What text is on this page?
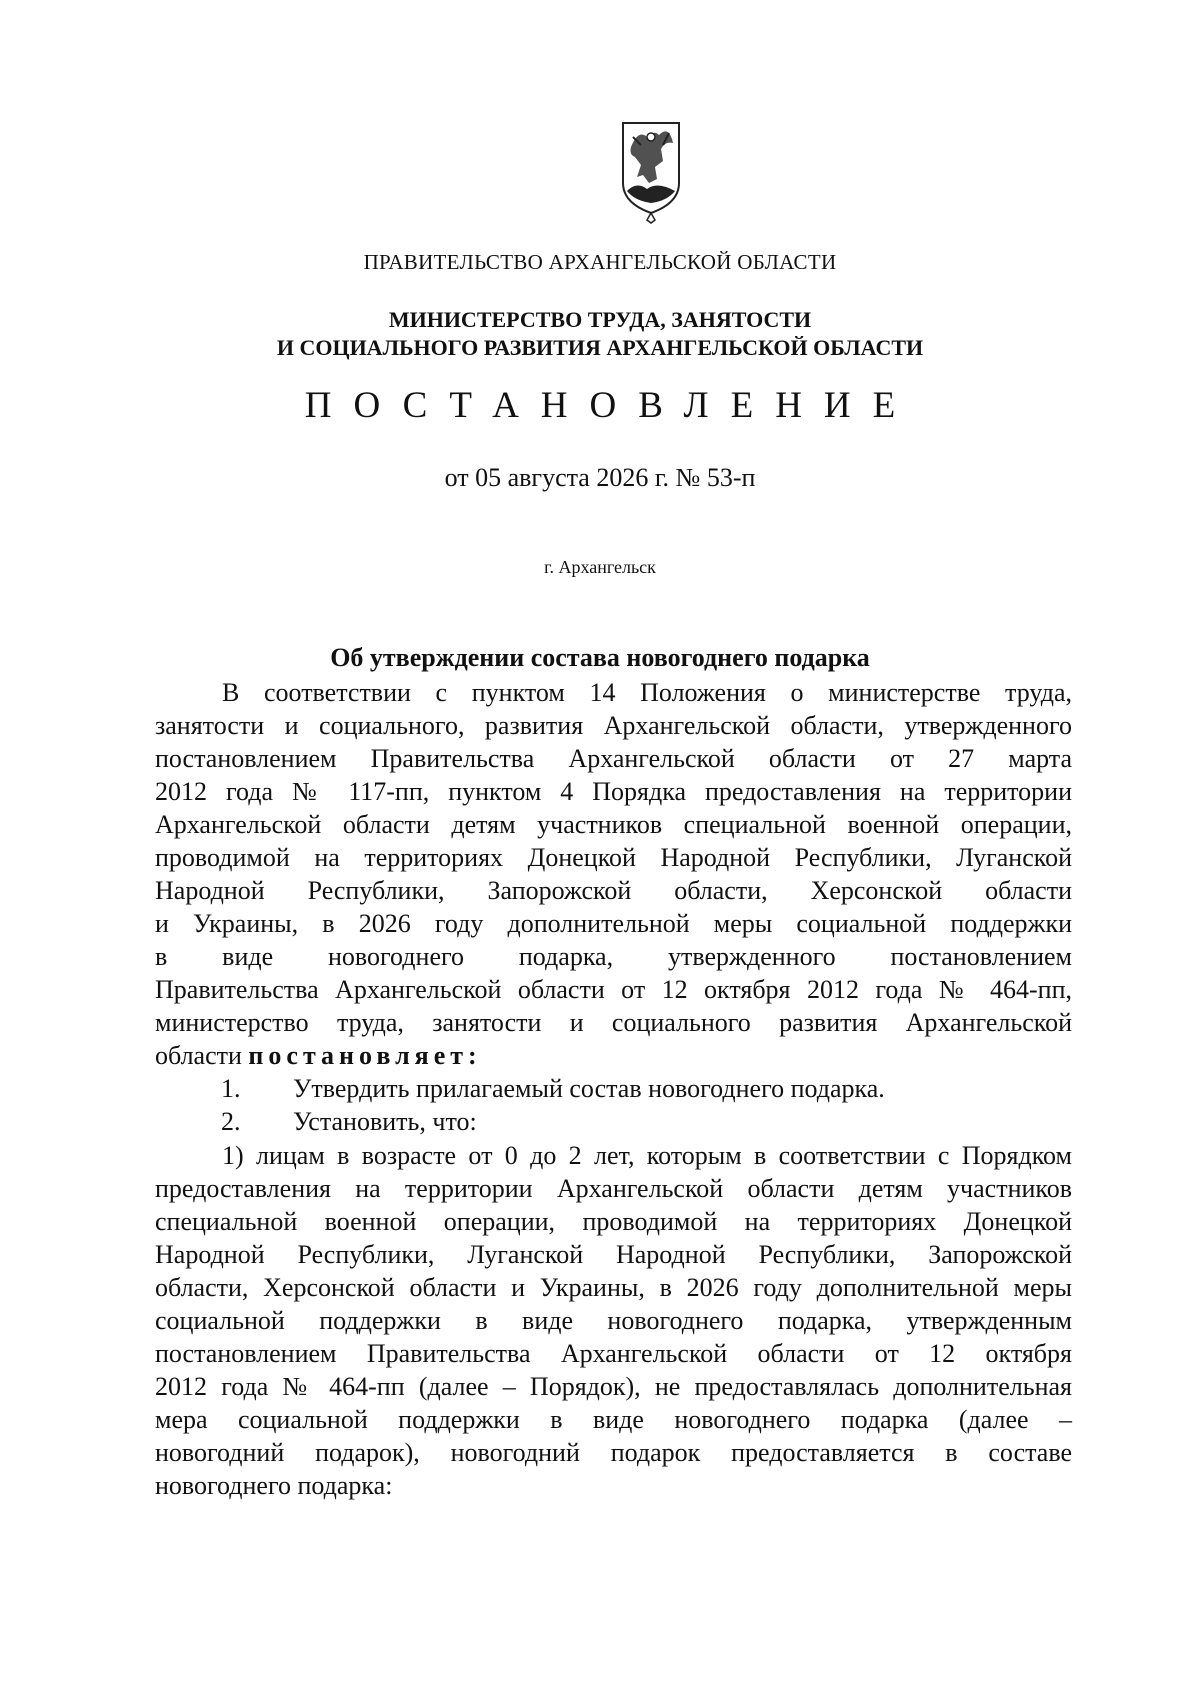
ПРАВИТЕЛЬСТВО АРХАНГЕЛЬСКОЙ ОБЛАСТИ
МИНИСТЕРСТВО ТРУДА, ЗАНЯТОСТИ
И СОЦИАЛЬНОГО РАЗВИТИЯ АРХАНГЕЛЬСКОЙ ОБЛАСТИ
ПОСТАНОВЛЕНИЕ
от 05 августа 2026 г. № 53-п
г. Архангельск
Об утверждении состава новогоднего подарка
В соответствии с пунктом 14 Положения о министерстве труда,
занятости и социального, развития Архангельской области, утвержденного
постановлением Правительства Архангельской области от 27 марта
2012 года № 117-пп, пунктом 4 Порядка предоставления на территории
Архангельской области детям участников специальной военной операции,
проводимой на территориях Донецкой Народной Республики, Луганской
Народной Республики, Запорожской области, Херсонской области
и Украины, в 2026 году дополнительной меры социальной поддержки
в виде новогоднего подарка, утвержденного постановлением
Правительства Архангельской области от 12 октября 2012 года № 464-пп,
министерство труда, занятости и социального развития Архангельской
области постановляет:
1. Утвердить прилагаемый состав новогоднего подарка.
2. Установить, что:
1) лицам в возрасте от 0 до 2 лет, которым в соответствии с Порядком
предоставления на территории Архангельской области детям участников
специальной военной операции, проводимой на территориях Донецкой
Народной Республики, Луганской Народной Республики, Запорожской
области, Херсонской области и Украины, в 2026 году дополнительной меры
социальной поддержки в виде новогоднего подарка, утвержденным
постановлением Правительства Архангельской области от 12 октября
2012 года № 464-пп (далее – Порядок), не предоставлялась дополнительная
мера социальной поддержки в виде новогоднего подарка (далее –
новогодний подарок), новогодний подарок предоставляется в составе
новогоднего подарка:
